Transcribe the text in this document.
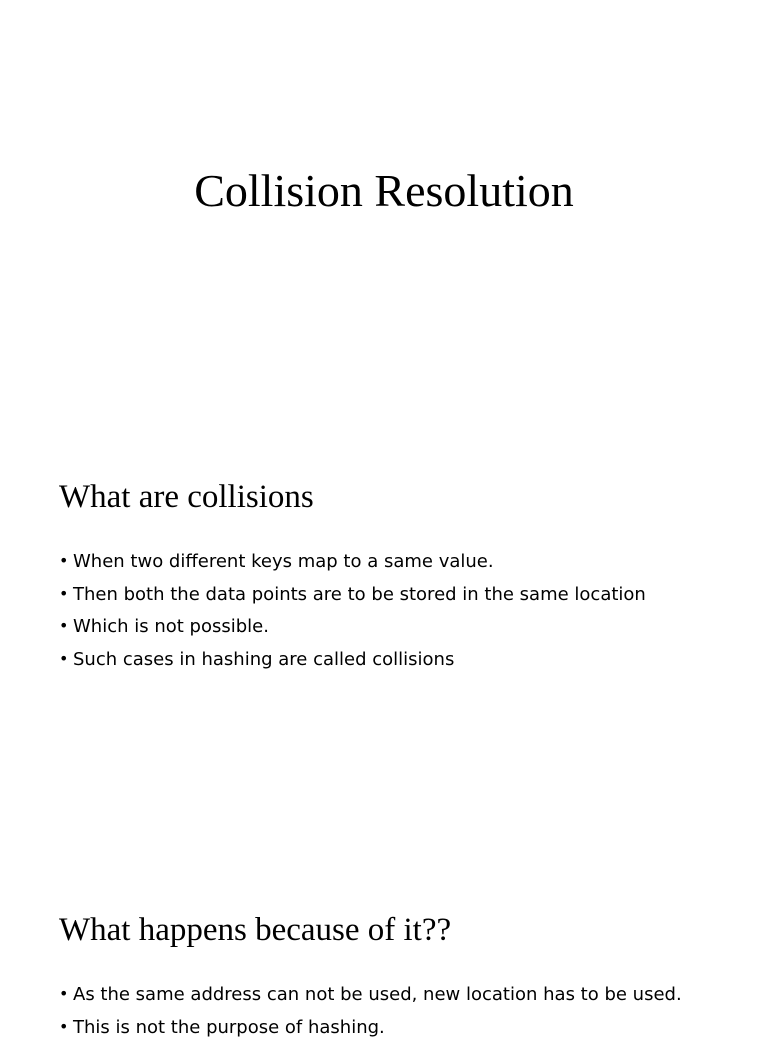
Collision Resolution
What are collisions
• When two different keys map to a same value.
• Then both the data points are to be stored in the same location
• Which is not possible.
• Such cases in hashing are called collisions
What happens because of it??
• As the same address can not be used, new location has to be used.
• This is not the purpose of hashing.
